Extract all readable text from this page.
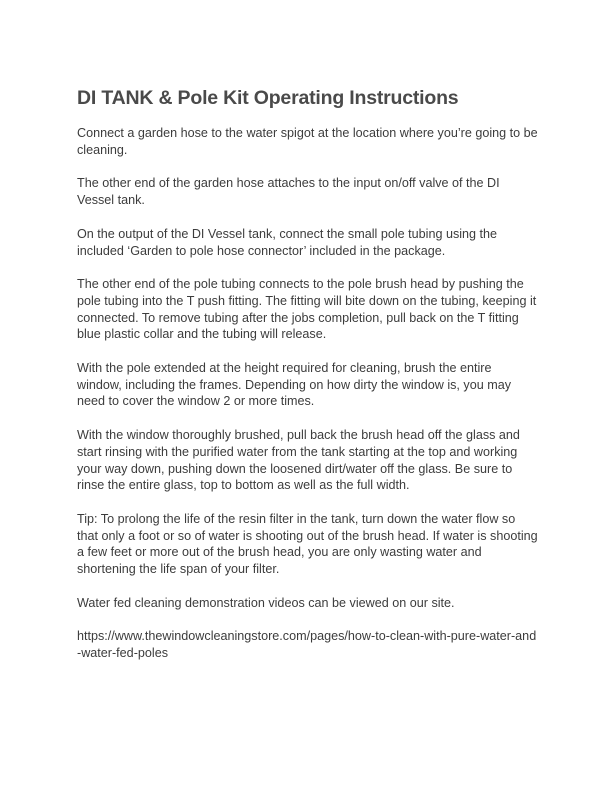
DI TANK & Pole Kit Operating Instructions

Connect a garden hose to the water spigot at the location where you’re going to be cleaning.

The other end of the garden hose attaches to the input on/off valve of the DI Vessel tank.

On the output of the DI Vessel tank, connect the small pole tubing using the included ‘Garden to pole hose connector’ included in the package.

The other end of the pole tubing connects to the pole brush head by pushing the pole tubing into the T push fitting. The fitting will bite down on the tubing, keeping it connected. To remove tubing after the jobs completion, pull back on the T fitting blue plastic collar and the tubing will release.

With the pole extended at the height required for cleaning, brush the entire window, including the frames. Depending on how dirty the window is, you may need to cover the window 2 or more times.

With the window thoroughly brushed, pull back the brush head off the glass and start rinsing with the purified water from the tank starting at the top and working your way down, pushing down the loosened dirt/water off the glass. Be sure to rinse the entire glass, top to bottom as well as the full width.

Tip: To prolong the life of the resin filter in the tank, turn down the water flow so that only a foot or so of water is shooting out of the brush head. If water is shooting a few feet or more out of the brush head, you are only wasting water and shortening the life span of your filter.

Water fed cleaning demonstration videos can be viewed on our site.

https://www.thewindowcleaningstore.com/pages/how-to-clean-with-pure-water-and-water-fed-poles
